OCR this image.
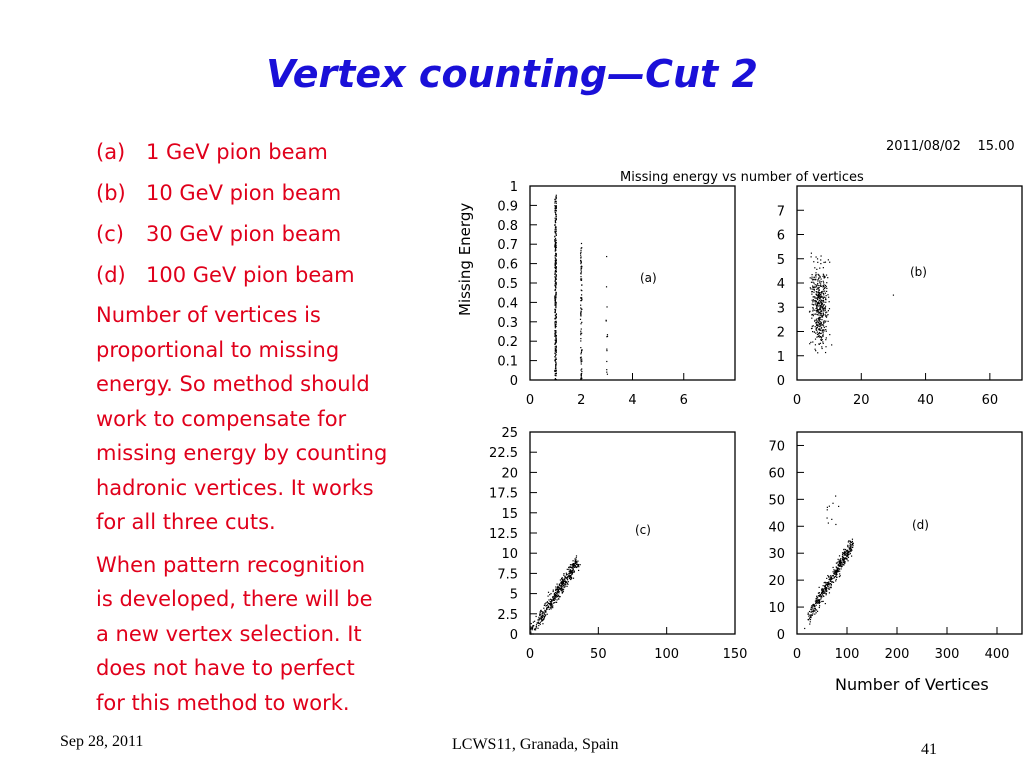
Vertex counting—Cut 2
(a) 1 GeV pion beam
(b) 10 GeV pion beam
(c) 30 GeV pion beam
(d) 100 GeV pion beam
Number of vertices is
proportional to missing
energy. So method should
work to compensate for
missing energy by counting
hadronic vertices. It works
for all three cuts.
When pattern recognition
is developed, there will be
a new vertex selection. It
does not have to perfect
for this method to work.
2011/08/02    15.00
Missing energy vs number of vertices
Missing Energy
Number of Vertices
0
0.1
0.2
0.3
0.4
0.5
0.6
0.7
0.8
0.9
1
0	2	4	6
(a)
0
1
2
3
4
5
6
7
0	20	40	60
(b)
0
2.5
5
7.5
10
12.5
15
17.5
20
22.5
25
0	50	100	150
(c)
0
10
20
30
40
50
60
70
0	100 200 300 400
(d)
Sep 28, 2011	LCWS11, Granada, Spain	41
